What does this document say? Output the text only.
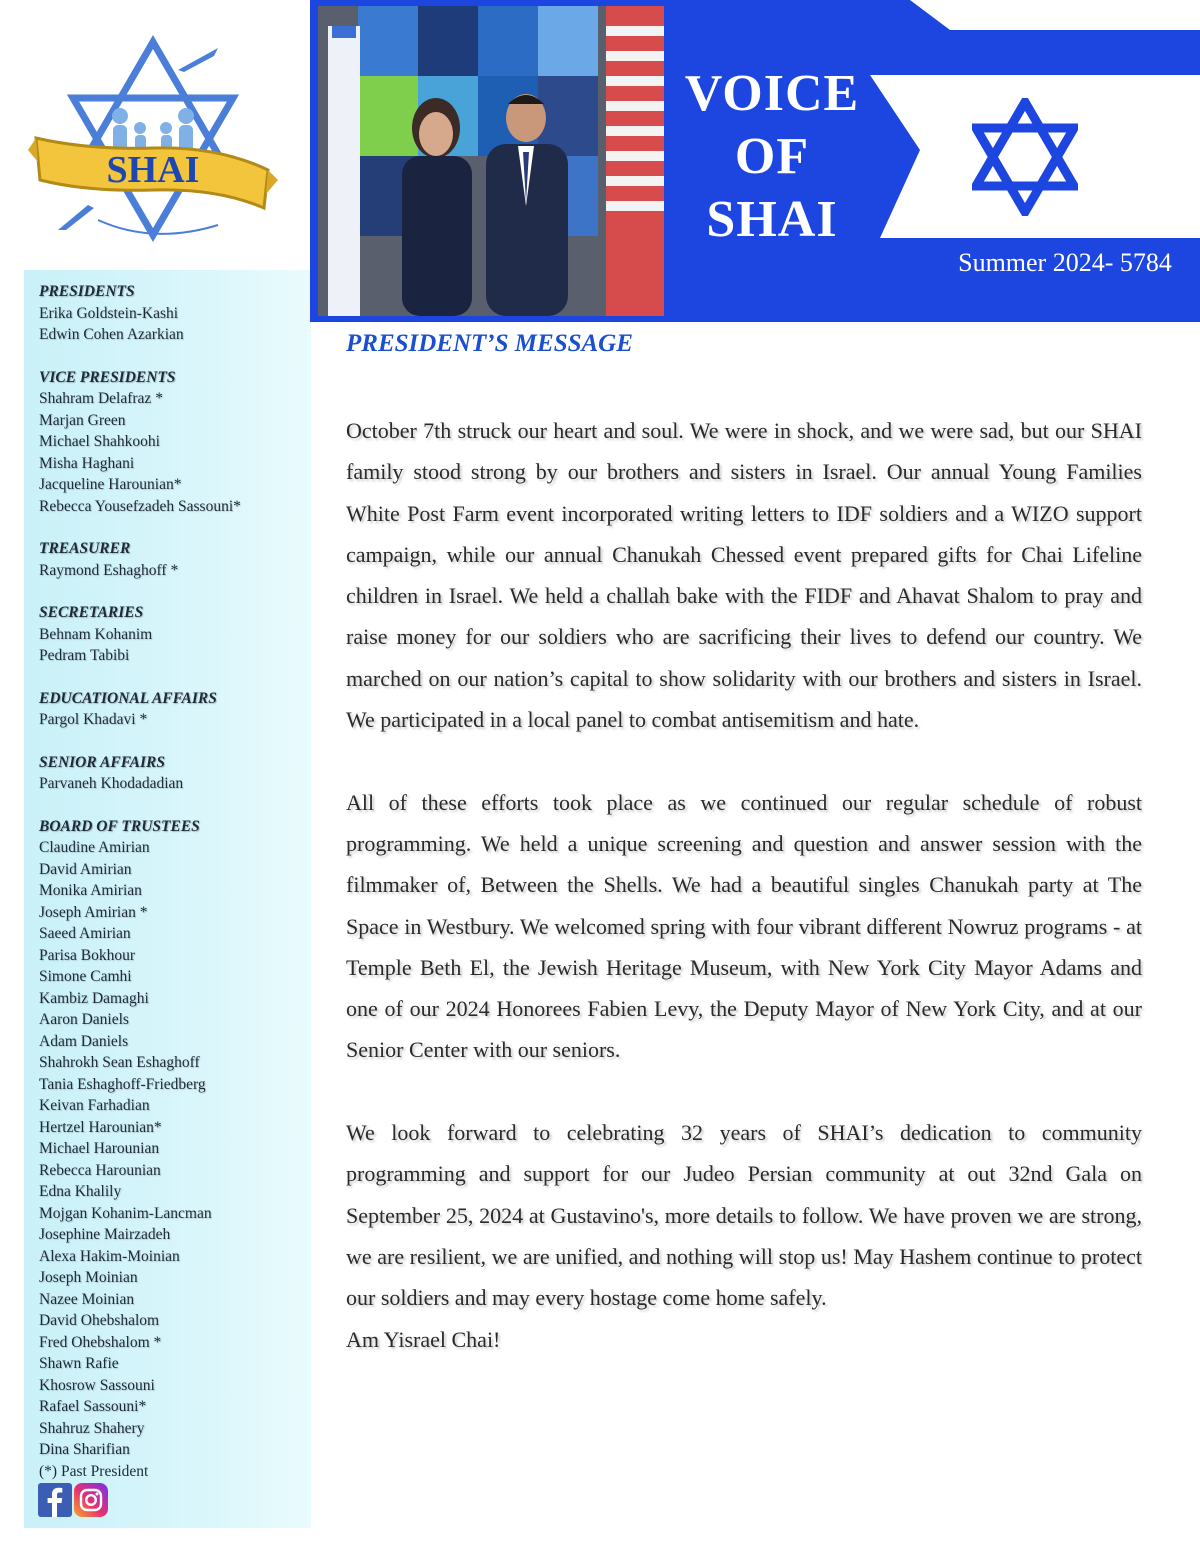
SHAI
PRESIDENTS
Erika Goldstein-Kashi
Edwin Cohen Azarkian
VICE PRESIDENTS
Shahram Delafraz *
Marjan Green
Michael Shahkoohi
Misha Haghani
Jacqueline Harounian*
Rebecca Yousefzadeh Sassouni*
TREASURER
Raymond Eshaghoff *
SECRETARIES
Behnam Kohanim
Pedram Tabibi
EDUCATIONAL AFFAIRS
Pargol Khadavi *
SENIOR AFFAIRS
Parvaneh Khodadadian
BOARD OF TRUSTEES
Claudine Amirian
David Amirian
Monika Amirian
Joseph Amirian *
Saeed Amirian
Parisa Bokhour
Simone Camhi
Kambiz Damaghi
Aaron Daniels
Adam Daniels
Shahrokh Sean Eshaghoff
Tania Eshaghoff-Friedberg
Keivan Farhadian
Hertzel Harounian*
Michael Harounian
Rebecca Harounian
Edna Khalily
Mojgan Kohanim-Lancman
Josephine Mairzadeh
Alexa Hakim-Moinian
Joseph Moinian
Nazee Moinian
David Ohebshalom
Fred Ohebshalom *
Shawn Rafie
Khosrow Sassouni
Rafael Sassouni*
Shahruz Shahery
Dina Sharifian
(*) Past President
VOICE
OF
SHAI
Summer 2024- 5784
PRESIDENT’S MESSAGE

October 7th struck our heart and soul. We were in shock, and we were sad, but our SHAI family stood strong by our brothers and sisters in Israel. Our annual Young Families White Post Farm event incorporated writing letters to IDF soldiers and a WIZO support campaign, while our annual Chanukah Chessed event prepared gifts for Chai Lifeline children in Israel. We held a challah bake with the FIDF and Ahavat Shalom to pray and raise money for our soldiers who are sacrificing their lives to defend our country. We marched on our nation’s capital to show solidarity with our brothers and sisters in Israel. We participated in a local panel to combat antisemitism and hate.

All of these efforts took place as we continued our regular schedule of robust programming. We held a unique screening and question and answer session with the filmmaker of, Between the Shells. We had a beautiful singles Chanukah party at The Space in Westbury. We welcomed spring with four vibrant different Nowruz programs - at Temple Beth El, the Jewish Heritage Museum, with New York City Mayor Adams and one of our 2024 Honorees Fabien Levy, the Deputy Mayor of New York City, and at our Senior Center with our seniors.

We look forward to celebrating 32 years of SHAI’s dedication to community programming and support for our Judeo Persian community at out 32nd Gala on September 25, 2024 at Gustavino's, more details to follow. We have proven we are strong, we are resilient, we are unified, and nothing will stop us! May Hashem continue to protect our soldiers and may every hostage come home safely.

Am Yisrael Chai!
